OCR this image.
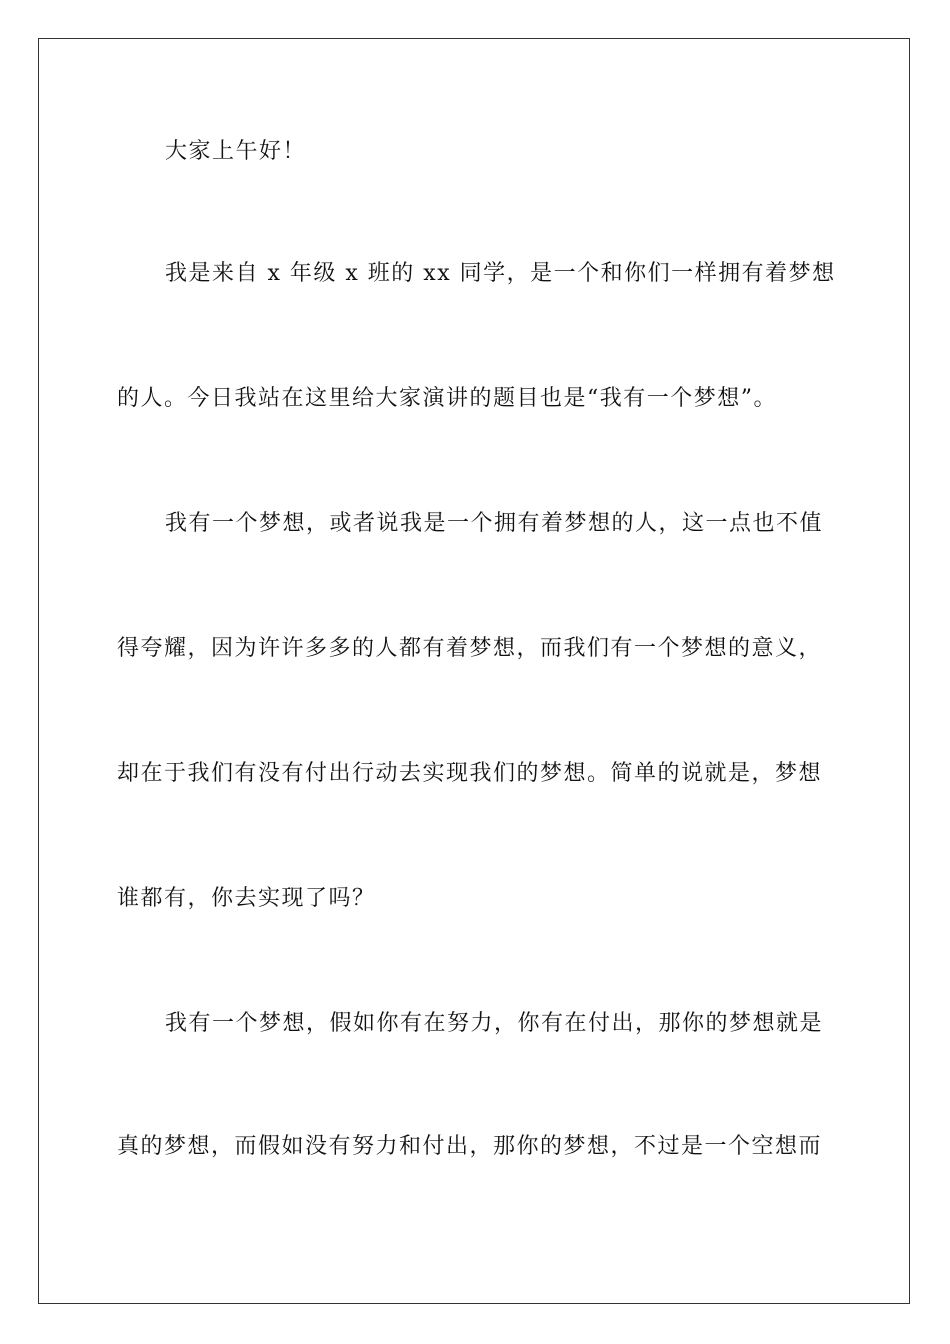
大家上午好！
我是来自 x 年级 x 班的 xx 同学，是一个和你们一样拥有着梦想
的人。今日我站在这里给大家演讲的题目也是“我有一个梦想”。
我有一个梦想，或者说我是一个拥有着梦想的人，这一点也不值
得夸耀，因为许许多多的人都有着梦想，而我们有一个梦想的意义，
却在于我们有没有付出行动去实现我们的梦想。简单的说就是，梦想
谁都有，你去实现了吗？
我有一个梦想，假如你有在努力，你有在付出，那你的梦想就是
真的梦想，而假如没有努力和付出，那你的梦想，不过是一个空想而
